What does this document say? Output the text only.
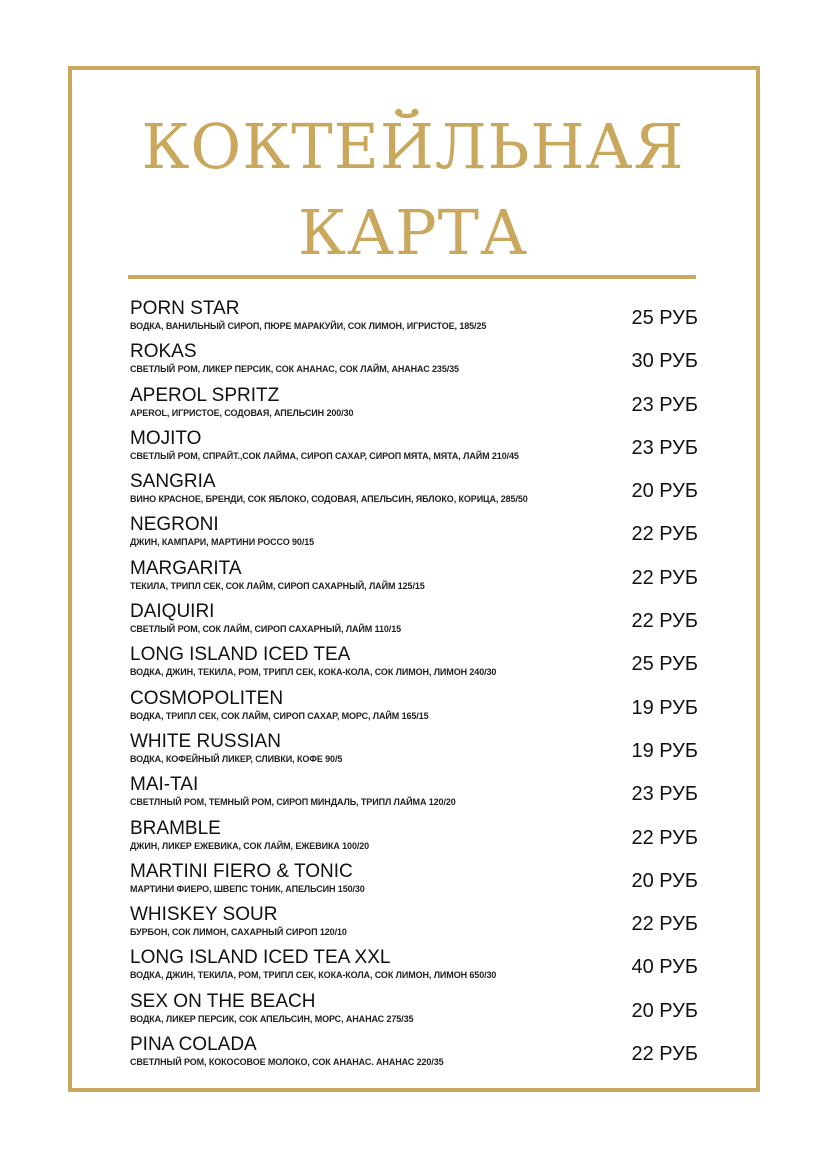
КОКТЕЙЛЬНАЯ
КАРТА
PORN STAR
ВОДКА, ВАНИЛЬНЫЙ СИРОП, ПЮРЕ МАРАКУЙИ, СОК ЛИМОН, ИГРИСТОЕ, 185/25	25 РУБ
ROKAS
СВЕТЛЫЙ РОМ, ЛИКЕР ПЕРСИК, СОК АНАНАС, СОК ЛАЙМ, АНАНАС 235/35	30 РУБ
APEROL SPRITZ
APEROL, ИГРИСТОЕ, СОДОВАЯ, АПЕЛЬСИН 200/30	23 РУБ
MOJITO
СВЕТЛЫЙ РОМ, СПРАЙТ.,СОК ЛАЙМА, СИРОП САХАР, СИРОП МЯТА, МЯТА, ЛАЙМ 210/45	23 РУБ
SANGRIA
ВИНО КРАСНОЕ, БРЕНДИ, СОК ЯБЛОКО, СОДОВАЯ, АПЕЛЬСИН, ЯБЛОКО, КОРИЦА, 285/50	20 РУБ
NEGRONI
ДЖИН, КАМПАРИ, МАРТИНИ РОССО 90/15	22 РУБ
MARGARITA
ТЕКИЛА, ТРИПЛ СЕК, СОК ЛАЙМ, СИРОП САХАРНЫЙ, ЛАЙМ 125/15	22 РУБ
DAIQUIRI
СВЕТЛЫЙ РОМ, СОК ЛАЙМ, СИРОП САХАРНЫЙ, ЛАЙМ 110/15	22 РУБ
LONG ISLAND ICED TEA
ВОДКА, ДЖИН, ТЕКИЛА, РОМ, ТРИПЛ СЕК, КОКА-КОЛА, СОК ЛИМОН, ЛИМОН 240/30	25 РУБ
COSMOPOLITEN
ВОДКА, ТРИПЛ СЕК, СОК ЛАЙМ, СИРОП САХАР, МОРС, ЛАЙМ 165/15	19 РУБ
WHITE RUSSIAN
ВОДКА, КОФЕЙНЫЙ ЛИКЕР, СЛИВКИ, КОФЕ 90/5	19 РУБ
MAI-TAI
СВЕТЛНЫЙ РОМ, ТЕМНЫЙ РОМ, СИРОП МИНДАЛЬ, ТРИПЛ ЛАЙМА 120/20	23 РУБ
BRAMBLE
ДЖИН, ЛИКЕР ЕЖЕВИКА, СОК ЛАЙМ, ЕЖЕВИКА 100/20	22 РУБ
MARTINI FIERO & TONIC
МАРТИНИ ФИЕРО, ШВЕПС ТОНИК, АПЕЛЬСИН 150/30	20 РУБ
WHISKEY SOUR
БУРБОН, СОК ЛИМОН, САХАРНЫЙ СИРОП 120/10	22 РУБ
LONG ISLAND ICED TEA XXL
ВОДКА, ДЖИН, ТЕКИЛА, РОМ, ТРИПЛ СЕК, КОКА-КОЛА, СОК ЛИМОН, ЛИМОН 650/30	40 РУБ
SEX ON THE BEACH
ВОДКА, ЛИКЕР ПЕРСИК, СОК АПЕЛЬСИН, МОРС, АНАНАС 275/35	20 РУБ
PINA COLADA
СВЕТЛНЫЙ РОМ, КОКОСОВОЕ МОЛОКО, СОК АНАНАС. АНАНАС 220/35	22 РУБ
